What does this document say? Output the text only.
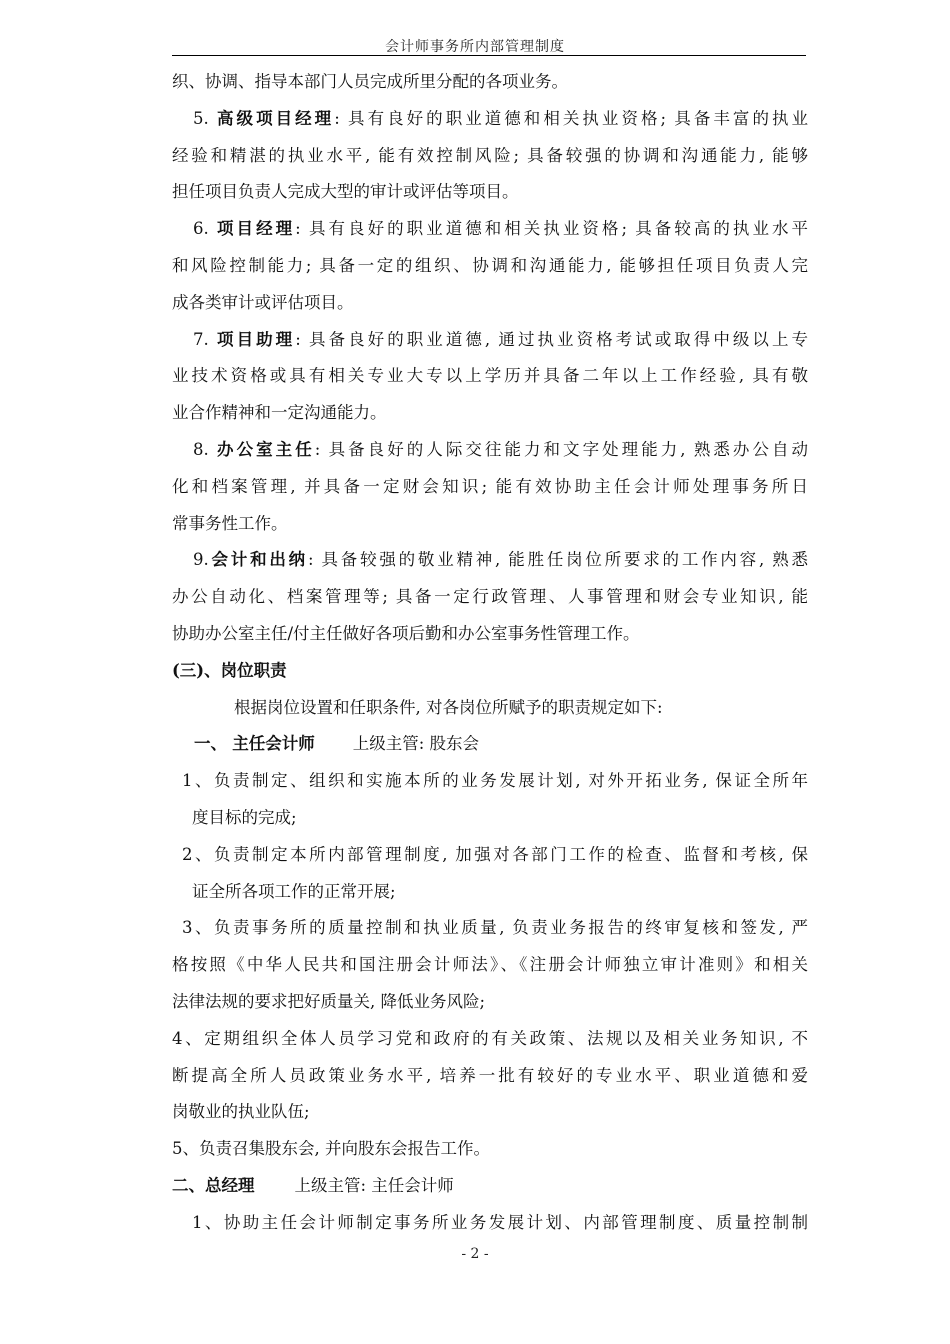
会计师事务所内部管理制度
织、协调、指导本部门人员完成所里分配的各项业务。
5. 高级项目经理: 具有良好的职业道德和相关执业资格; 具备丰富的执业
经验和精湛的执业水平, 能有效控制风险; 具备较强的协调和沟通能力, 能够
担任项目负责人完成大型的审计或评估等项目。
6. 项目经理: 具有良好的职业道德和相关执业资格; 具备较高的执业水平
和风险控制能力; 具备一定的组织、协调和沟通能力, 能够担任项目负责人完
成各类审计或评估项目。
7. 项目助理: 具备良好的职业道德, 通过执业资格考试或取得中级以上专
业技术资格或具有相关专业大专以上学历并具备二年以上工作经验, 具有敬
业合作精神和一定沟通能力。
8. 办公室主任: 具备良好的人际交往能力和文字处理能力, 熟悉办公自动
化和档案管理, 并具备一定财会知识; 能有效协助主任会计师处理事务所日
常事务性工作。
9.会计和出纳: 具备较强的敬业精神, 能胜任岗位所要求的工作内容, 熟悉
办公自动化、档案管理等; 具备一定行政管理、人事管理和财会专业知识, 能
协助办公室主任/付主任做好各项后勤和办公室事务性管理工作。
(三)、岗位职责
根据岗位设置和任职条件, 对各岗位所赋予的职责规定如下:
一、 主任会计师 上级主管: 股东会
1、负责制定、组织和实施本所的业务发展计划, 对外开拓业务, 保证全所年
度目标的完成;
2、负责制定本所内部管理制度, 加强对各部门工作的检查、监督和考核, 保
证全所各项工作的正常开展;
3、负责事务所的质量控制和执业质量, 负责业务报告的终审复核和签发, 严
格按照《中华人民共和国注册会计师法》、《注册会计师独立审计准则》和相关
法律法规的要求把好质量关, 降低业务风险;
4、定期组织全体人员学习党和政府的有关政策、法规以及相关业务知识, 不
断提高全所人员政策业务水平, 培养一批有较好的专业水平、职业道德和爱
岗敬业的执业队伍;
5、负责召集股东会, 并向股东会报告工作。
二、总经理 上级主管: 主任会计师
1、协助主任会计师制定事务所业务发展计划、内部管理制度、质量控制制
- 2 -
